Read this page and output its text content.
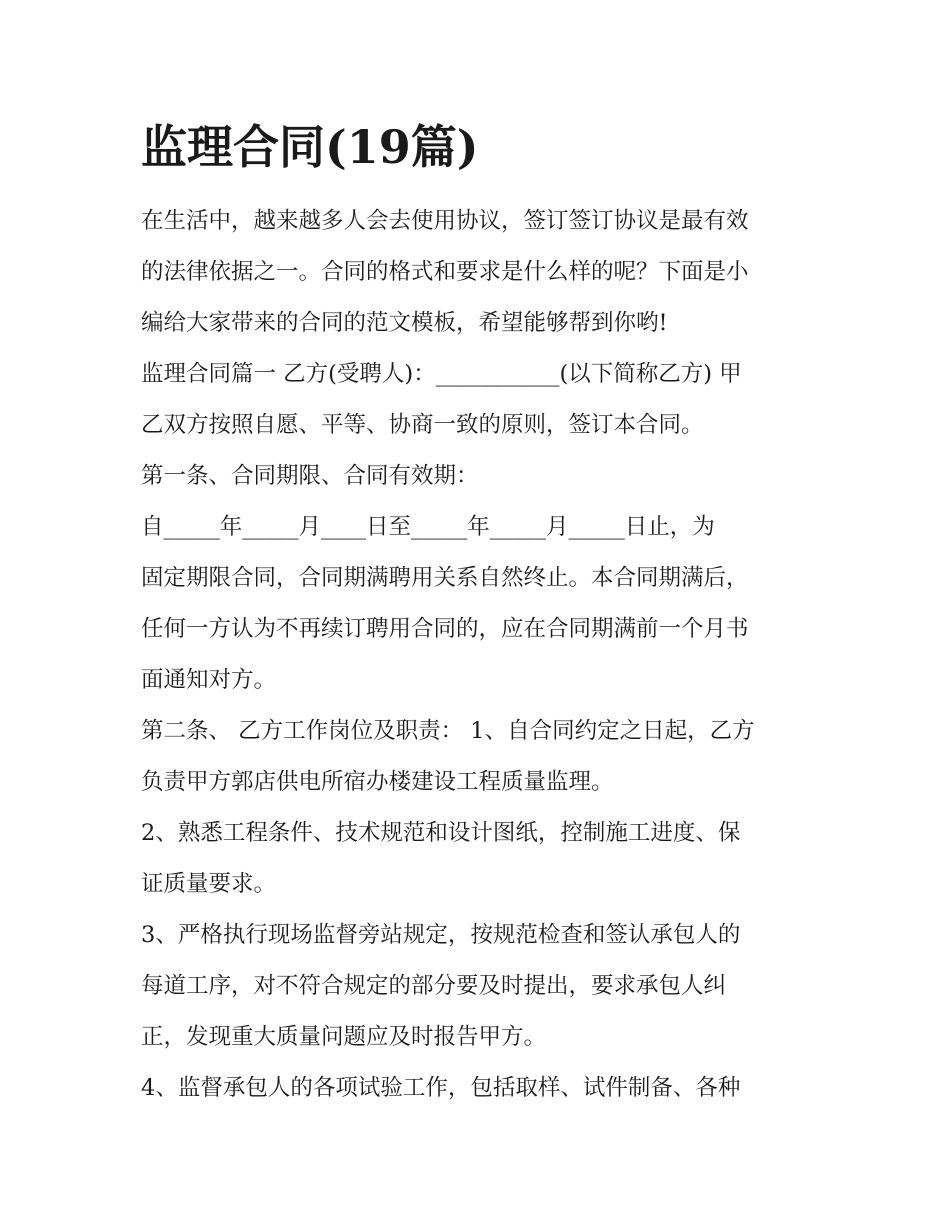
监理合同(19篇)
在生活中，越来越多人会去使用协议，签订签订协议是最有效
的法律依据之一。合同的格式和要求是什么样的呢？下面是小
编给大家带来的合同的范文模板，希望能够帮到你哟!
监理合同篇一 乙方(受聘人)：___________(以下简称乙方) 甲
乙双方按照自愿、平等、协商一致的原则，签订本合同。
第一条、合同期限、合同有效期：
自_____年_____月____日至_____年_____月_____日止，为
固定期限合同，合同期满聘用关系自然终止。本合同期满后，
任何一方认为不再续订聘用合同的，应在合同期满前一个月书
面通知对方。
第二条、 乙方工作岗位及职责： 1、自合同约定之日起，乙方
负责甲方郭店供电所宿办楼建设工程质量监理。
2、熟悉工程条件、技术规范和设计图纸，控制施工进度、保
证质量要求。
3、严格执行现场监督旁站规定，按规范检查和签认承包人的
每道工序，对不符合规定的部分要及时提出，要求承包人纠
正，发现重大质量问题应及时报告甲方。
4、监督承包人的各项试验工作，包括取样、试件制备、各种
